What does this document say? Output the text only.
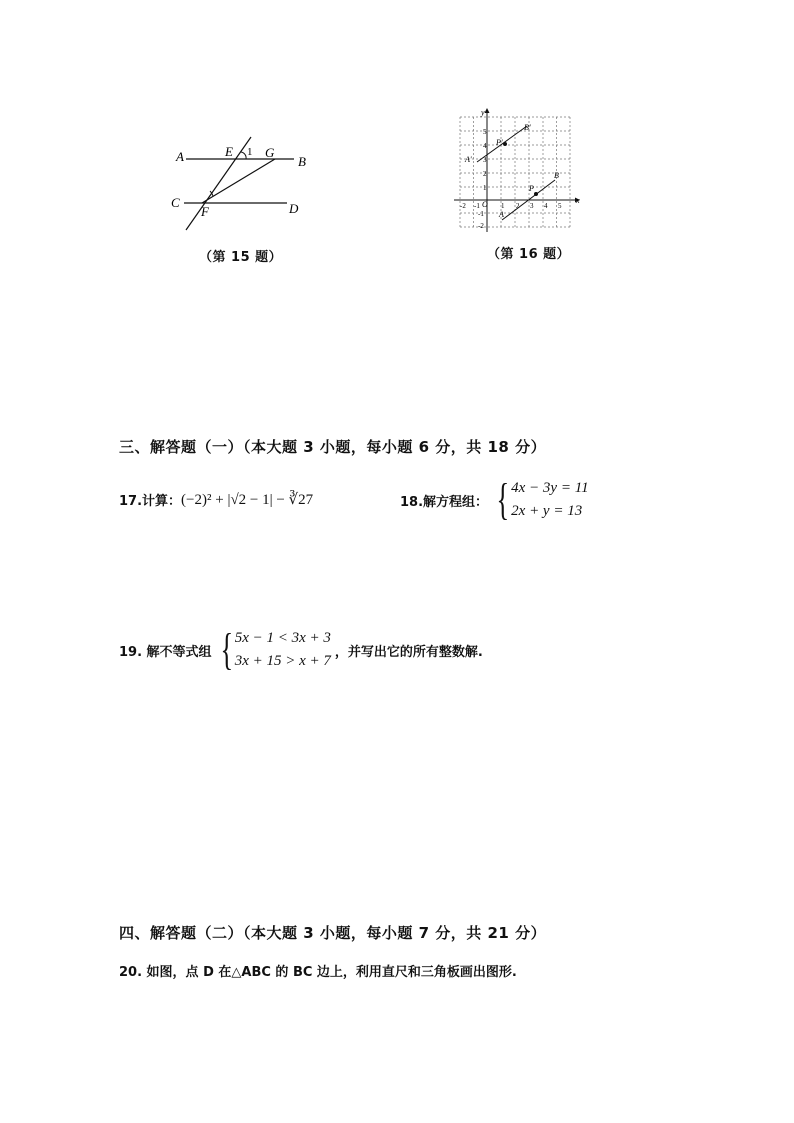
A	B
C	D
E
F
G
1
（第 15 题）
x
y
O
-2 -1	1 2 3 4 5
5
4
3
2
1
-1
-2
A
B
P
A'
B'
P'
（第 16 题）
三、解答题（一）（本大题 3 小题，每小题 6 分，共 18 分）
17.计算： (−2)² + |√2 − 1| − ∛27	18.解方程组： { 4x − 3y = 11
2x + y = 13
19. 解不等式组 { 5x − 1 < 3x + 3
3x + 15 > x + 7
，并写出它的所有整数解.
四、解答题（二）（本大题 3 小题，每小题 7 分，共 21 分）
20. 如图，点 D 在△ABC 的 BC 边上，利用直尺和三角板画出图形.
